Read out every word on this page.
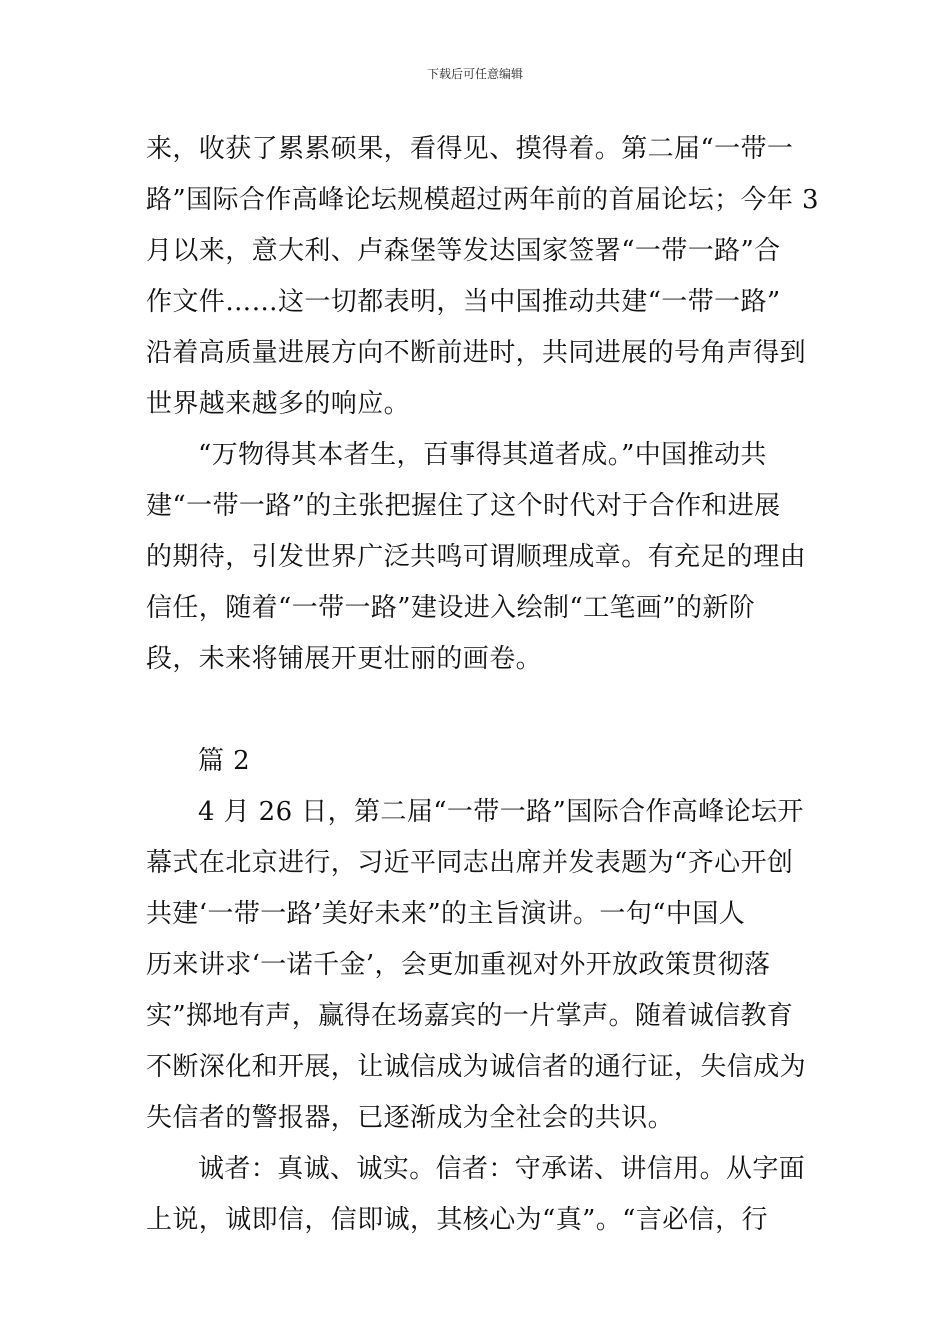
下载后可任意编辑
来，收获了累累硕果，看得见、摸得着。第二届“一带一
路”国际合作高峰论坛规模超过两年前的首届论坛；今年 3
月以来，意大利、卢森堡等发达国家签署“一带一路”合
作文件……这一切都表明，当中国推动共建“一带一路”
沿着高质量进展方向不断前进时，共同进展的号角声得到
世界越来越多的响应。
“万物得其本者生，百事得其道者成。”中国推动共
建“一带一路”的主张把握住了这个时代对于合作和进展
的期待，引发世界广泛共鸣可谓顺理成章。有充足的理由
信任，随着“一带一路”建设进入绘制“工笔画”的新阶
段，未来将铺展开更壮丽的画卷。
篇 2
4 月 26 日，第二届“一带一路”国际合作高峰论坛开
幕式在北京进行，习近平同志出席并发表题为“齐心开创
共建‘一带一路’美好未来”的主旨演讲。一句“中国人
历来讲求‘一诺千金’，会更加重视对外开放政策贯彻落
实”掷地有声，赢得在场嘉宾的一片掌声。随着诚信教育
不断深化和开展，让诚信成为诚信者的通行证，失信成为
失信者的警报器，已逐渐成为全社会的共识。
诚者：真诚、诚实。信者：守承诺、讲信用。从字面
上说，诚即信，信即诚，其核心为“真”。“言必信，行
